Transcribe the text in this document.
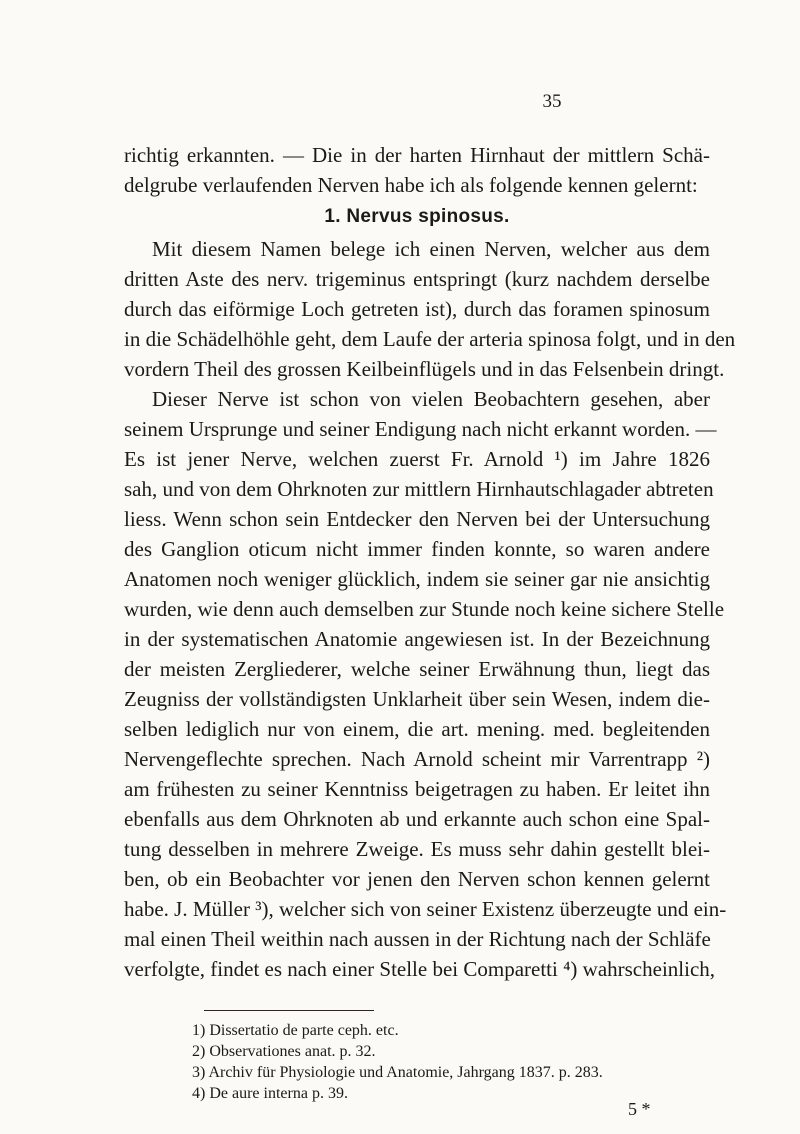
35
richtig erkannten. — Die in der harten Hirnhaut der mittlern Schä-
delgrube verlaufenden Nerven habe ich als folgende kennen gelernt:
1. Nervus spinosus.
Mit diesem Namen belege ich einen Nerven, welcher aus dem
dritten Aste des nerv. trigeminus entspringt (kurz nachdem derselbe
durch das eiförmige Loch getreten ist), durch das foramen spinosum
in die Schädelhöhle geht, dem Laufe der arteria spinosa folgt, und in den
vordern Theil des grossen Keilbeinflügels und in das Felsenbein dringt.
Dieser Nerve ist schon von vielen Beobachtern gesehen, aber
seinem Ursprunge und seiner Endigung nach nicht erkannt worden. —
Es ist jener Nerve, welchen zuerst Fr. Arnold ¹) im Jahre 1826
sah, und von dem Ohrknoten zur mittlern Hirnhautschlagader abtreten
liess. Wenn schon sein Entdecker den Nerven bei der Untersuchung
des Ganglion oticum nicht immer finden konnte, so waren andere
Anatomen noch weniger glücklich, indem sie seiner gar nie ansichtig
wurden, wie denn auch demselben zur Stunde noch keine sichere Stelle
in der systematischen Anatomie angewiesen ist. In der Bezeichnung
der meisten Zergliederer, welche seiner Erwähnung thun, liegt das
Zeugniss der vollständigsten Unklarheit über sein Wesen, indem die-
selben lediglich nur von einem, die art. mening. med. begleitenden
Nervengeflechte sprechen. Nach Arnold scheint mir Varrentrapp ²)
am frühesten zu seiner Kenntniss beigetragen zu haben. Er leitet ihn
ebenfalls aus dem Ohrknoten ab und erkannte auch schon eine Spal-
tung desselben in mehrere Zweige. Es muss sehr dahin gestellt blei-
ben, ob ein Beobachter vor jenen den Nerven schon kennen gelernt
habe. J. Müller ³), welcher sich von seiner Existenz überzeugte und ein-
mal einen Theil weithin nach aussen in der Richtung nach der Schläfe
verfolgte, findet es nach einer Stelle bei Comparetti ⁴) wahrscheinlich,
1) Dissertatio de parte ceph. etc.
2) Observationes anat. p. 32.
3) Archiv für Physiologie und Anatomie, Jahrgang 1837. p. 283.
4) De aure interna p. 39.
5 *
